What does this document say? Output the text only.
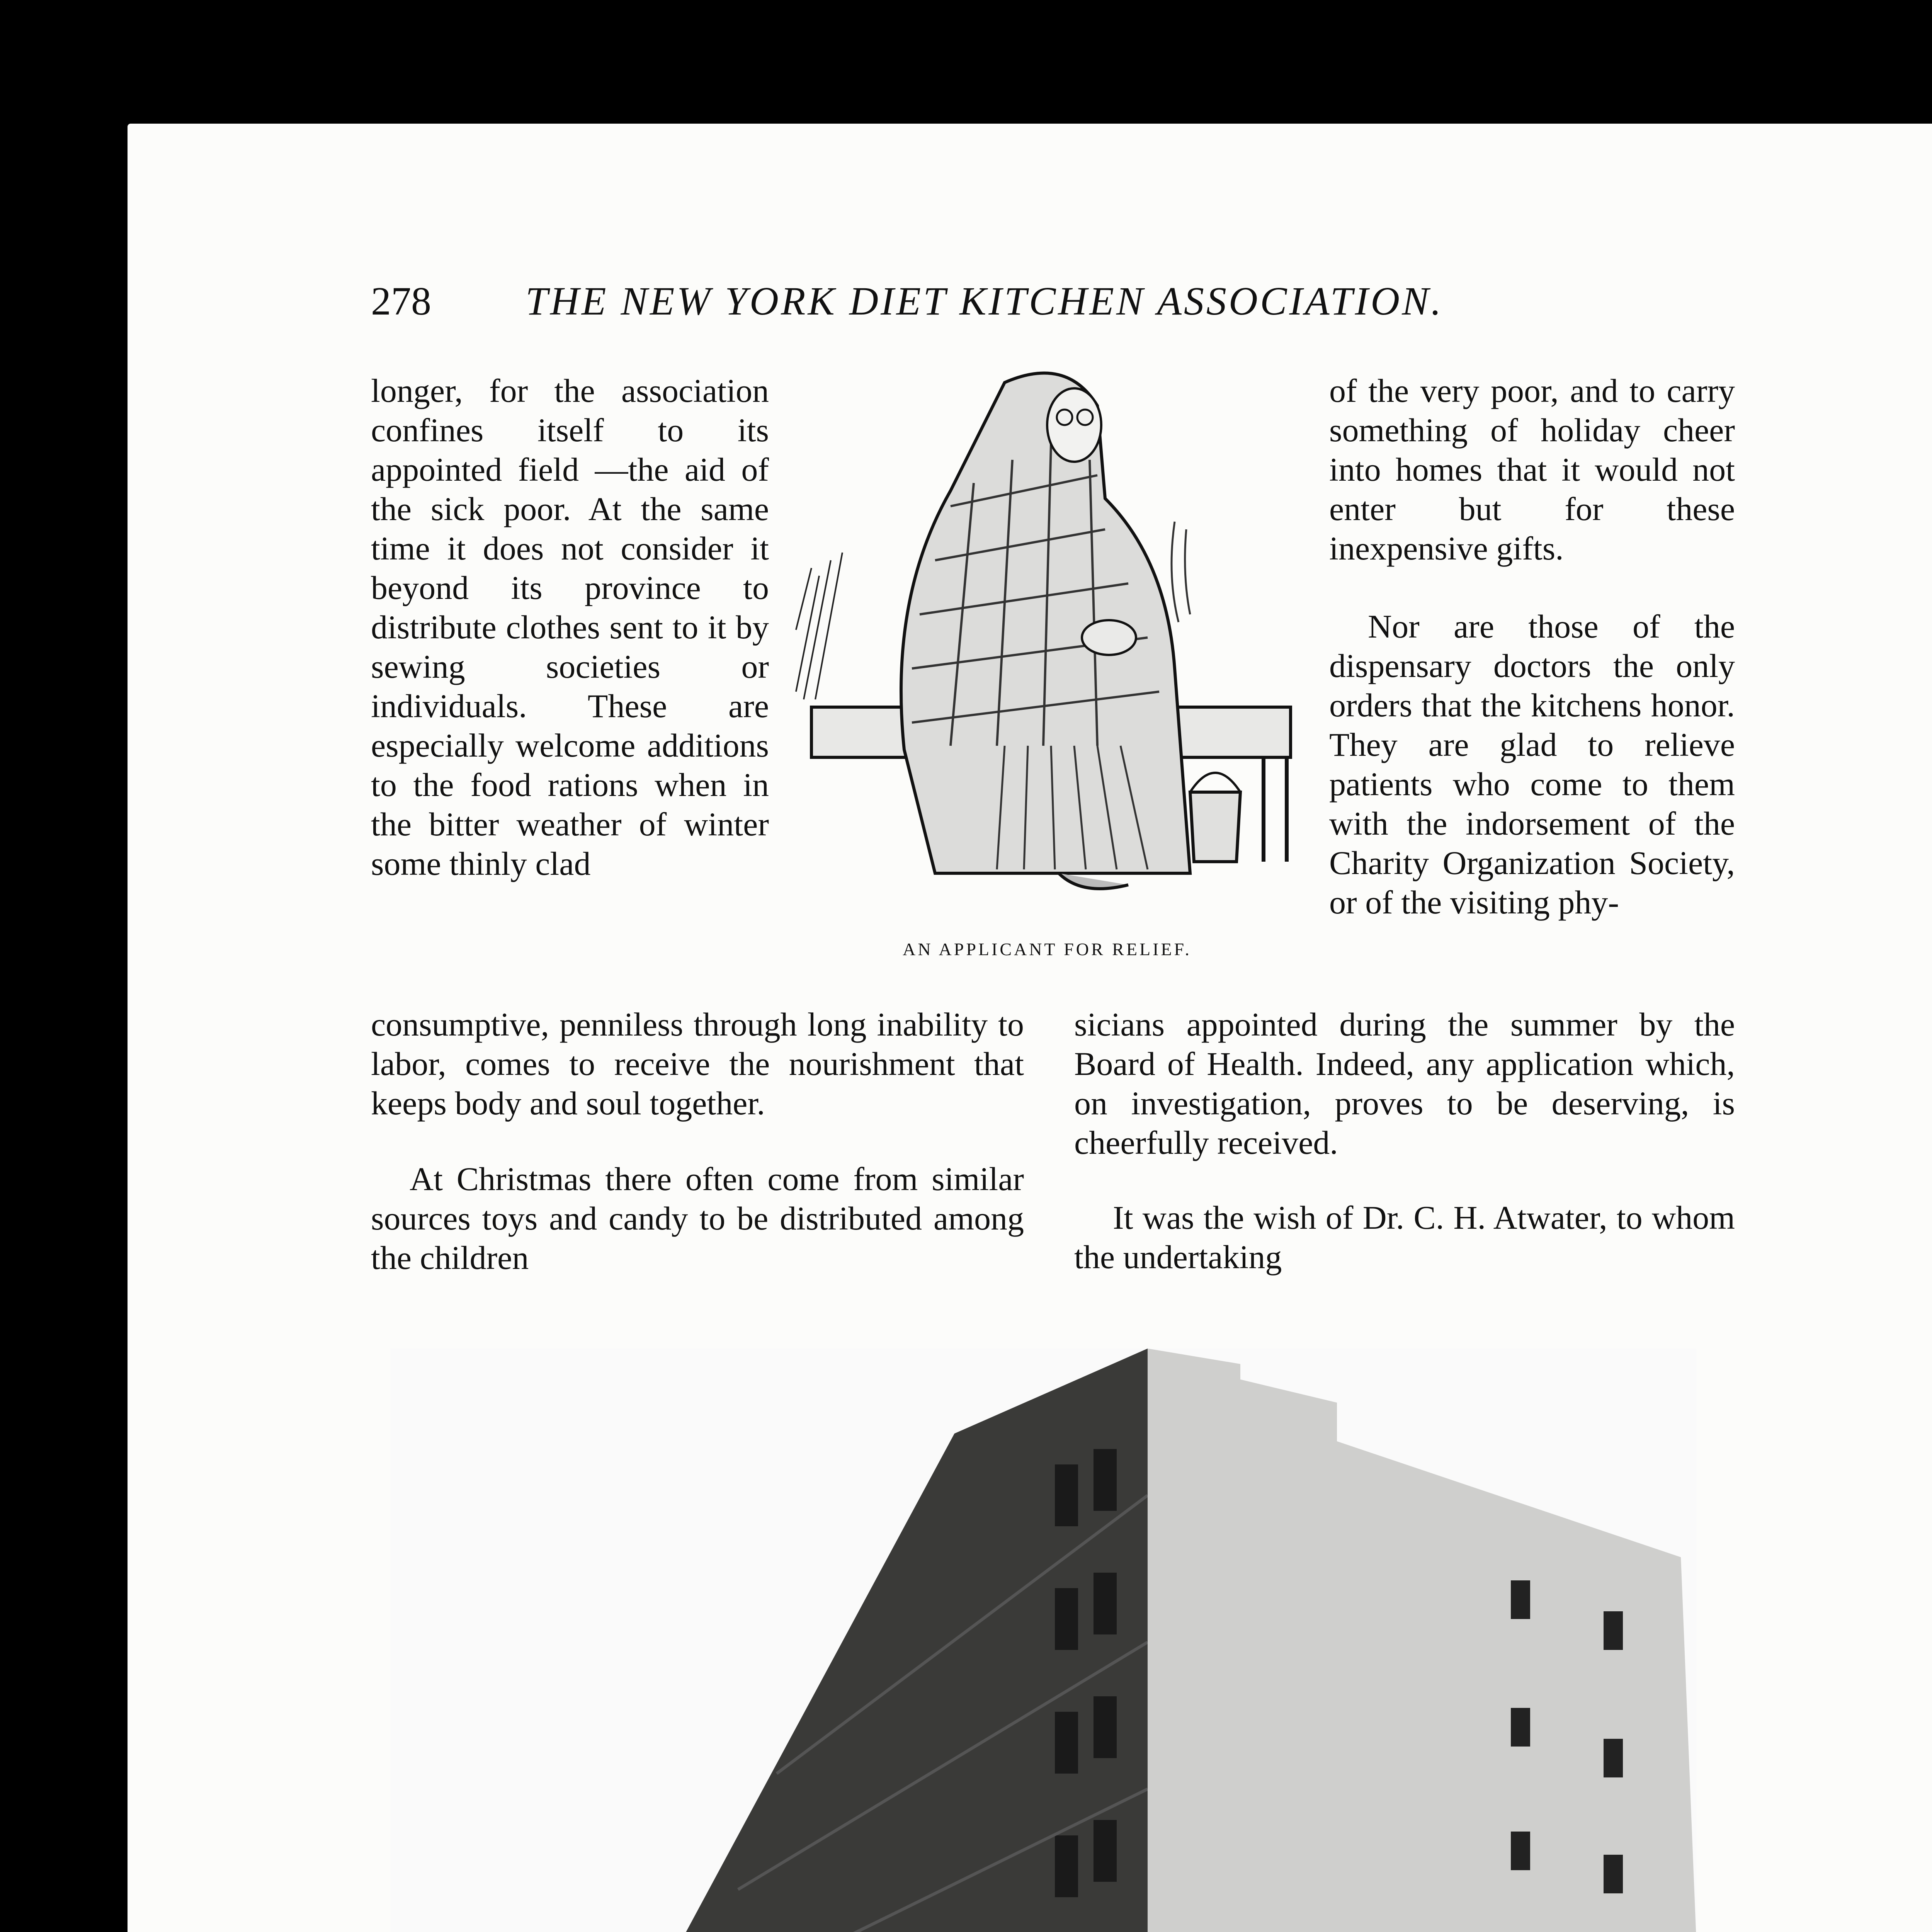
278 THE NEW YORK DIET KITCHEN ASSOCIATION.

longer, for the association confines itself to its appointed field —the aid of the sick poor. At the same time it does not consider it beyond its province to distribute clothes sent to it by sewing societies or individuals. These are especially welcome additions to the food rations when in the bitter weather of winter some thinly clad

consumptive, penniless through long inability to labor, comes to receive the nourishment that keeps body and soul together.

At Christmas there often come from similar sources toys and candy to be distributed among the children

of the very poor, and to carry something of holiday cheer into homes that it would not enter but for these inexpensive gifts.

Nor are those of the dispensary doctors the only orders that the kitchens honor. They are glad to relieve patients who come to them with the indorsement of the Charity Organization Society, or of the visiting phy-

sicians appointed during the summer by the Board of Health. Indeed, any application which, on investigation, proves to be deserving, is cheerfully received.

It was the wish of Dr. C. H. Atwater, to whom the undertaking

AN APPLICANT FOR RELIEF.
